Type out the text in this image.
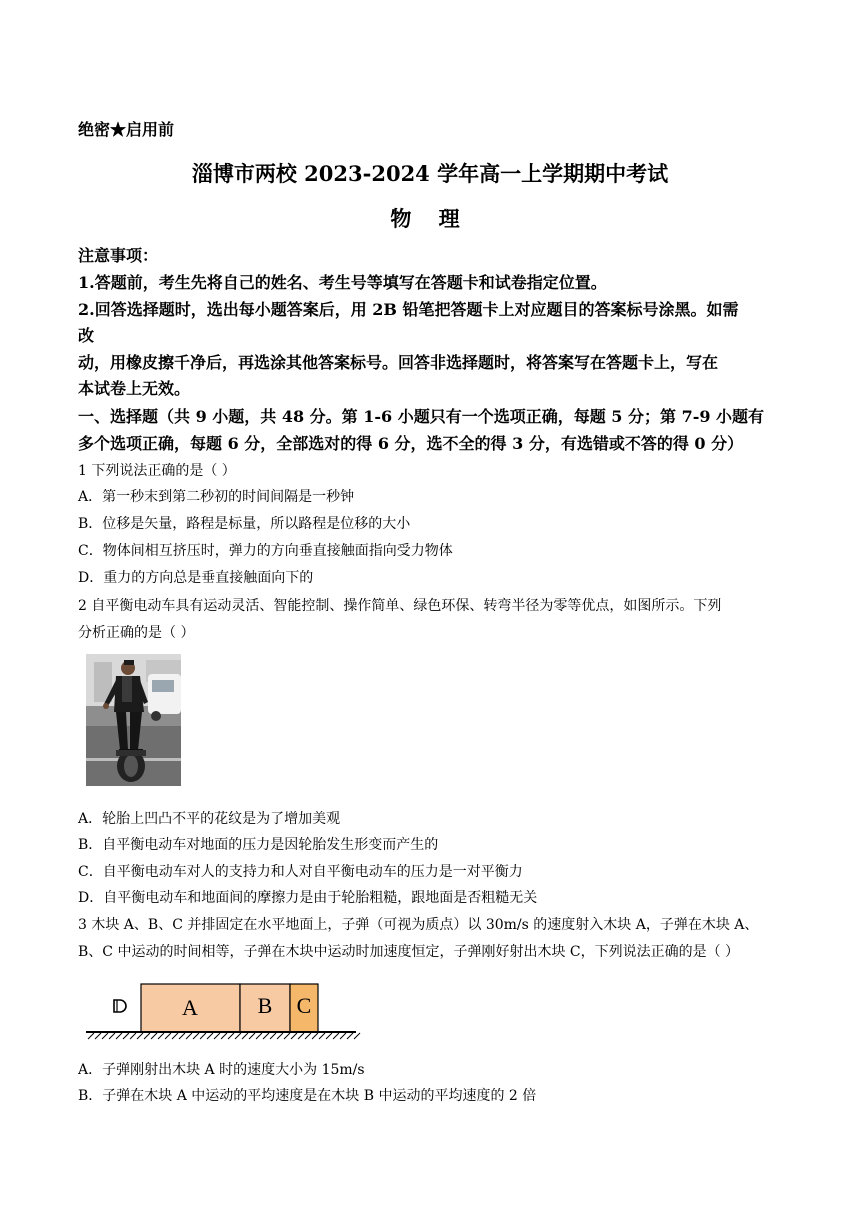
绝密★启用前
淄博市两校 2023-2024 学年高一上学期期中考试
物 理
注意事项：
1.答题前，考生先将自己的姓名、考生号等填写在答题卡和试卷指定位置。
2.回答选择题时，选出每小题答案后，用 2B 铅笔把答题卡上对应题目的答案标号涂黑。如需
改
动，用橡皮擦千净后，再选涂其他答案标号。回答非选择题时，将答案写在答题卡上，写在
本试卷上无效。
一、选择题（共 9 小题，共 48 分。第 1-6 小题只有一个选项正确，每题 5 分；第 7-9 小题有
多个选项正确，每题 6 分，全部选对的得 6 分，选不全的得 3 分，有选错或不答的得 0 分）
1 下列说法正确的是（ ）
A．第一秒末到第二秒初的时间间隔是一秒钟
B．位移是矢量，路程是标量，所以路程是位移的大小
C．物体间相互挤压时，弹力的方向垂直接触面指向受力物体
D．重力的方向总是垂直接触面向下的
2 自平衡电动车具有运动灵活、智能控制、操作简单、绿色环保、转弯半径为零等优点，如图所示。下列
分析正确的是（ ）
A．轮胎上凹凸不平的花纹是为了增加美观
B．自平衡电动车对地面的压力是因轮胎发生形变而产生的
C．自平衡电动车对人的支持力和人对自平衡电动车的压力是一对平衡力
D．自平衡电动车和地面间的摩擦力是由于轮胎粗糙，跟地面是否粗糙无关
3 木块 A、B、C 并排固定在水平地面上，子弹（可视为质点）以 30m/s 的速度射入木块 A，子弹在木块 A、
B、C 中运动的时间相等，子弹在木块中运动时加速度恒定，子弹刚好射出木块 C，下列说法正确的是（ ）
A	B C
A．子弹刚射出木块 A 时的速度大小为 15m/s
B．子弹在木块 A 中运动的平均速度是在木块 B 中运动的平均速度的 2 倍
